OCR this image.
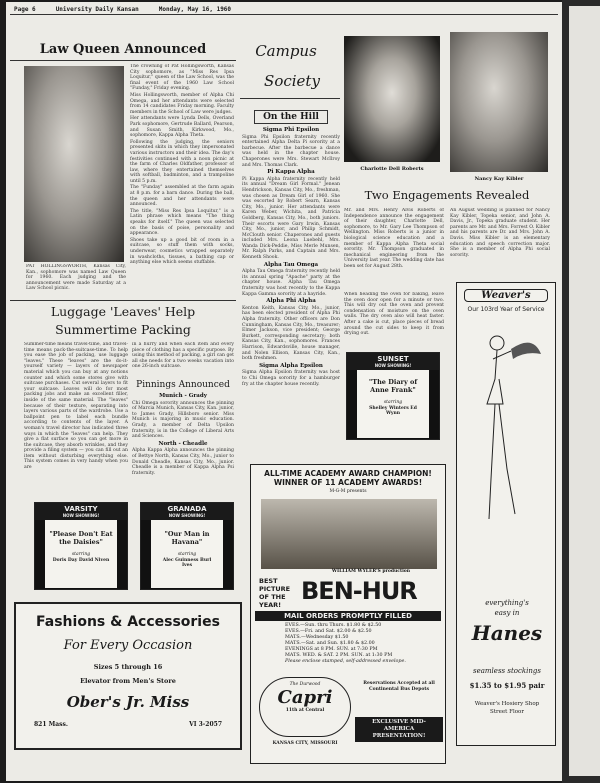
Page 6	University Daily Kansan	Monday, May 16, 1960
Law Queen Announced
PAT HOLLINGSWORTH, Kansas City, Kan., sophomore was named Law Queen for 1960. Each judging and the announcement were made Saturday at a Law School picnic.

The crowning of Pat Hollingsworth, Kansas City sophomore, as "Miss Res Ipsa Loquitur," queen of the Law School, was the final event of the 1960 Law School "Funday," Friday evening.

Miss Hollingsworth, member of Alpha Chi Omega, and her attendants were selected from 14 candidates Friday morning. Faculty members in the School of Law were judges.

Her attendants were Lynda Dells, Overland Park sophomore, Gertrude Ballard, Pearson, and Susan Smith, Kirkwood, Mo., sophomore, Kappa Alpha Theta.

Following the judging, the seniors presented skits in which they impersonated various instructors and their idea. The day's festivities continued with a noon picnic at the farm of Charles Oldfather, professor of law, where they entertained themselves with softball, badminton, and a trampoline until 5 p.m.

The "Funday" assembled at the farm again at 8 p.m. for a barn dance. During the ball, the queen and her attendants were announced.

The title, "Miss Res Ipsa Loquitur," is a Latin phrase which means "The thing speaks for itself." The queen was selected on the basis of poise, personality and appearance.

Shoes take up a good bit of room in a suitcase, so stuff them with socks, underwear, cosmetics wrapped separately in washcloths, tissues, a bathing cap or anything else which seems stuffable.

Luggage 'Leaves' Help
Summertime Packing
Summer-time means travel-time, and travel-time means pack-the-suitcase-time. To help you ease the job of packing, use luggage "leaves." These "leaves" are the do-it-yourself variety — layers of newspaper material which you can buy at any notions counter and which some stores give with suitcase purchases. Cut several layers to fit your suitcase. Leaves will do for most packing jobs and make an excellent filler, inside of the same material. The "leaves" because of their texture, separating into layers various parts of the wardrobe. Use a ballpoint pen to label each bundle according to contents of the layer. A woman's travel director has indicated three ways in which the "leaves" can help. They give a flat surface so you can get more in the suitcase, they absorb wrinkles, and they provide a filing system — you can fill out an item without disturbing everything else. This system comes in very handy when you are
in a hurry and when each item and every piece of clothing has a specific purpose. By using this method of packing, a girl can get all she needs for a two weeks vacation into one 26-inch suitcase.
Pinnings Announced
Munich - Grady

Chi Omega sorority announces the pinning of Marcia Munich, Kansas City, Kan. junior, to James Grady, Hillsboro senior. Miss Munich is majoring in music education. Grady, a member of Delta Upsilon fraternity, is in the College of Liberal Arts and Sciences.

North - Cheadle

Alpha Kappa Alpha announces the pinning of Bettye North, Kansas City, Mo., junior to Donald Cheadle, Kansas City, Mo., junior. Cheadle is a member of Kappa Alpha Psi fraternity.

VARSITY
NOW SHOWING!
"Please Don't Eat the Daisies"
starring
Doris Day David Niven
GRANADA
NOW SHOWING!
"Our Man in Havana"
starring
Alec Guinness Burl Ives
Fashions & Accessories
For Every Occasion
Sizes 5 through 16
Elevator from Men's Store
Ober's Jr. Miss
821 Mass.	VI 3-2057
Campus
Society
On the Hill
Sigma Phi Epsilon

Sigma Phi Epsilon fraternity recently entertained Alpha Delta Pi sorority at a barbecue. After the barbecue a dance was held in the chapter house. Chaperones were Mrs. Stewart McIlroy and Mrs. Thomas Clark.

Pi Kappa Alpha

Pi Kappa Alpha fraternity recently held its annual "Dream Girl Formal." Jenean Hendrickson, Kansas City, Mo., freshman, was chosen as Dream Girl of 1960. She was escorted by Robert Searn, Kansas City, Mo., junior. Her attendants were Karen Weber, Wichita, and Patricia Goldberg, Kansas City, Mo., both juniors. Their escorts were Gary Irwin, Kansas City, Mo., junior, and Philip Schmidt, McClouth senior. Chaperones and guests included Mrs. Leona Luebehl, Mrs. Wanda Dick-Peddie, Miss Merle Munsen, Mr. Ralph Parks, and Captain and Mrs. Kenneth Shook.

Alpha Tau Omega

Alpha Tau Omega fraternity recently held its annual spring "Apache" party at the chapter house. Alpha Tau Omega fraternity was host recently to the Kappa Kappa Gamma sorority at a hayride.

Alpha Phi Alpha

Kenton Keith, Kansas City, Mo., junior, has been elected president of Alpha Phi Alpha fraternity. Other officers are Don Cunningham, Kansas City, Mo., treasurer; Elmer Jackson, vice president; George Burkett, corresponding secretary; both Kansas City, Kan., sophomores. Frances Harrison, Edwardsville, house manager, and Nolen Ellison, Kansas City, Kan., both freshmen.

Sigma Alpha Epsilon

Sigma Alpha Epsilon fraternity was host to Chi Omega sorority for a hamburger fry at the chapter house recently.

Charlotte Dell Roberts
Nancy Kay Kibler
Two Engagements Revealed
Mr. and Mrs. Henry Alvis Roberts of Independence announce the engagement of their daughter, Charlotte Dell, sophomore, to Mr. Gary Lee Thompson of Wellington. Miss Roberts is a junior in biological science education and a member of Kappa Alpha Theta social sorority. Mr. Thompson graduated in mechanical engineering from the University last year. The wedding date has been set for August 28th.
An August wedding is planned for Nancy Kay Kibler, Topeka senior, and John A. Davis, Jr., Topeka graduate student. Her parents are Mr. and Mrs. Forrest O. Kibler and his parents are Dr. and Mrs. John A. Davis. Miss Kibler is an elementary education and speech correction major. She is a member of Alpha Phi social sorority.
When heading the oven for baking, leave the oven door open for a minute or two. This will dry out the oven and prevent condensation of moisture on the oven walls. The dry oven also will heat faster. After a cake is cut, place pieces of bread around the cut sides to keep it from drying out.
SUNSET
NOW SHOWING!
"The Diary of Anne Frank"
starring
Shelley Winters Ed Wynn
ALL-TIME ACADEMY AWARD CHAMPION!
WINNER OF 11 ACADEMY AWARDS!
M-G-M presents
WILLIAM WYLER'S production
BEST PICTURE OF THE YEAR! BEN-HUR
MAIL ORDERS PROMPTLY FILLED
EVES.—Sun. thru Thurs. $1.80 & $2.50
EVES.—Fri. and Sat. $2.00 & $2.50
MATS.—Wednesday $1.50
MATS.—Sat. and Sun. $1.80 & $2.00
EVENINGS at 8 PM. SUN. at 7:30 PM
MATS. WED. & SAT. 2 PM. SUN. at 1:30 PM
Please enclose stamped, self-addressed envelope.
The Durwood
Capri
11th at Central
KANSAS CITY, MISSOURI
Reservations Accepted at all Continental Bus Depots
EXCLUSIVE MID-AMERICA PRESENTATION!
Weaver's
Our 103rd Year of Service
everything's
easy in
Hanes
seamless stockings
$1.35 to $1.95 pair
Weaver's Hosiery Shop
Street Floor
